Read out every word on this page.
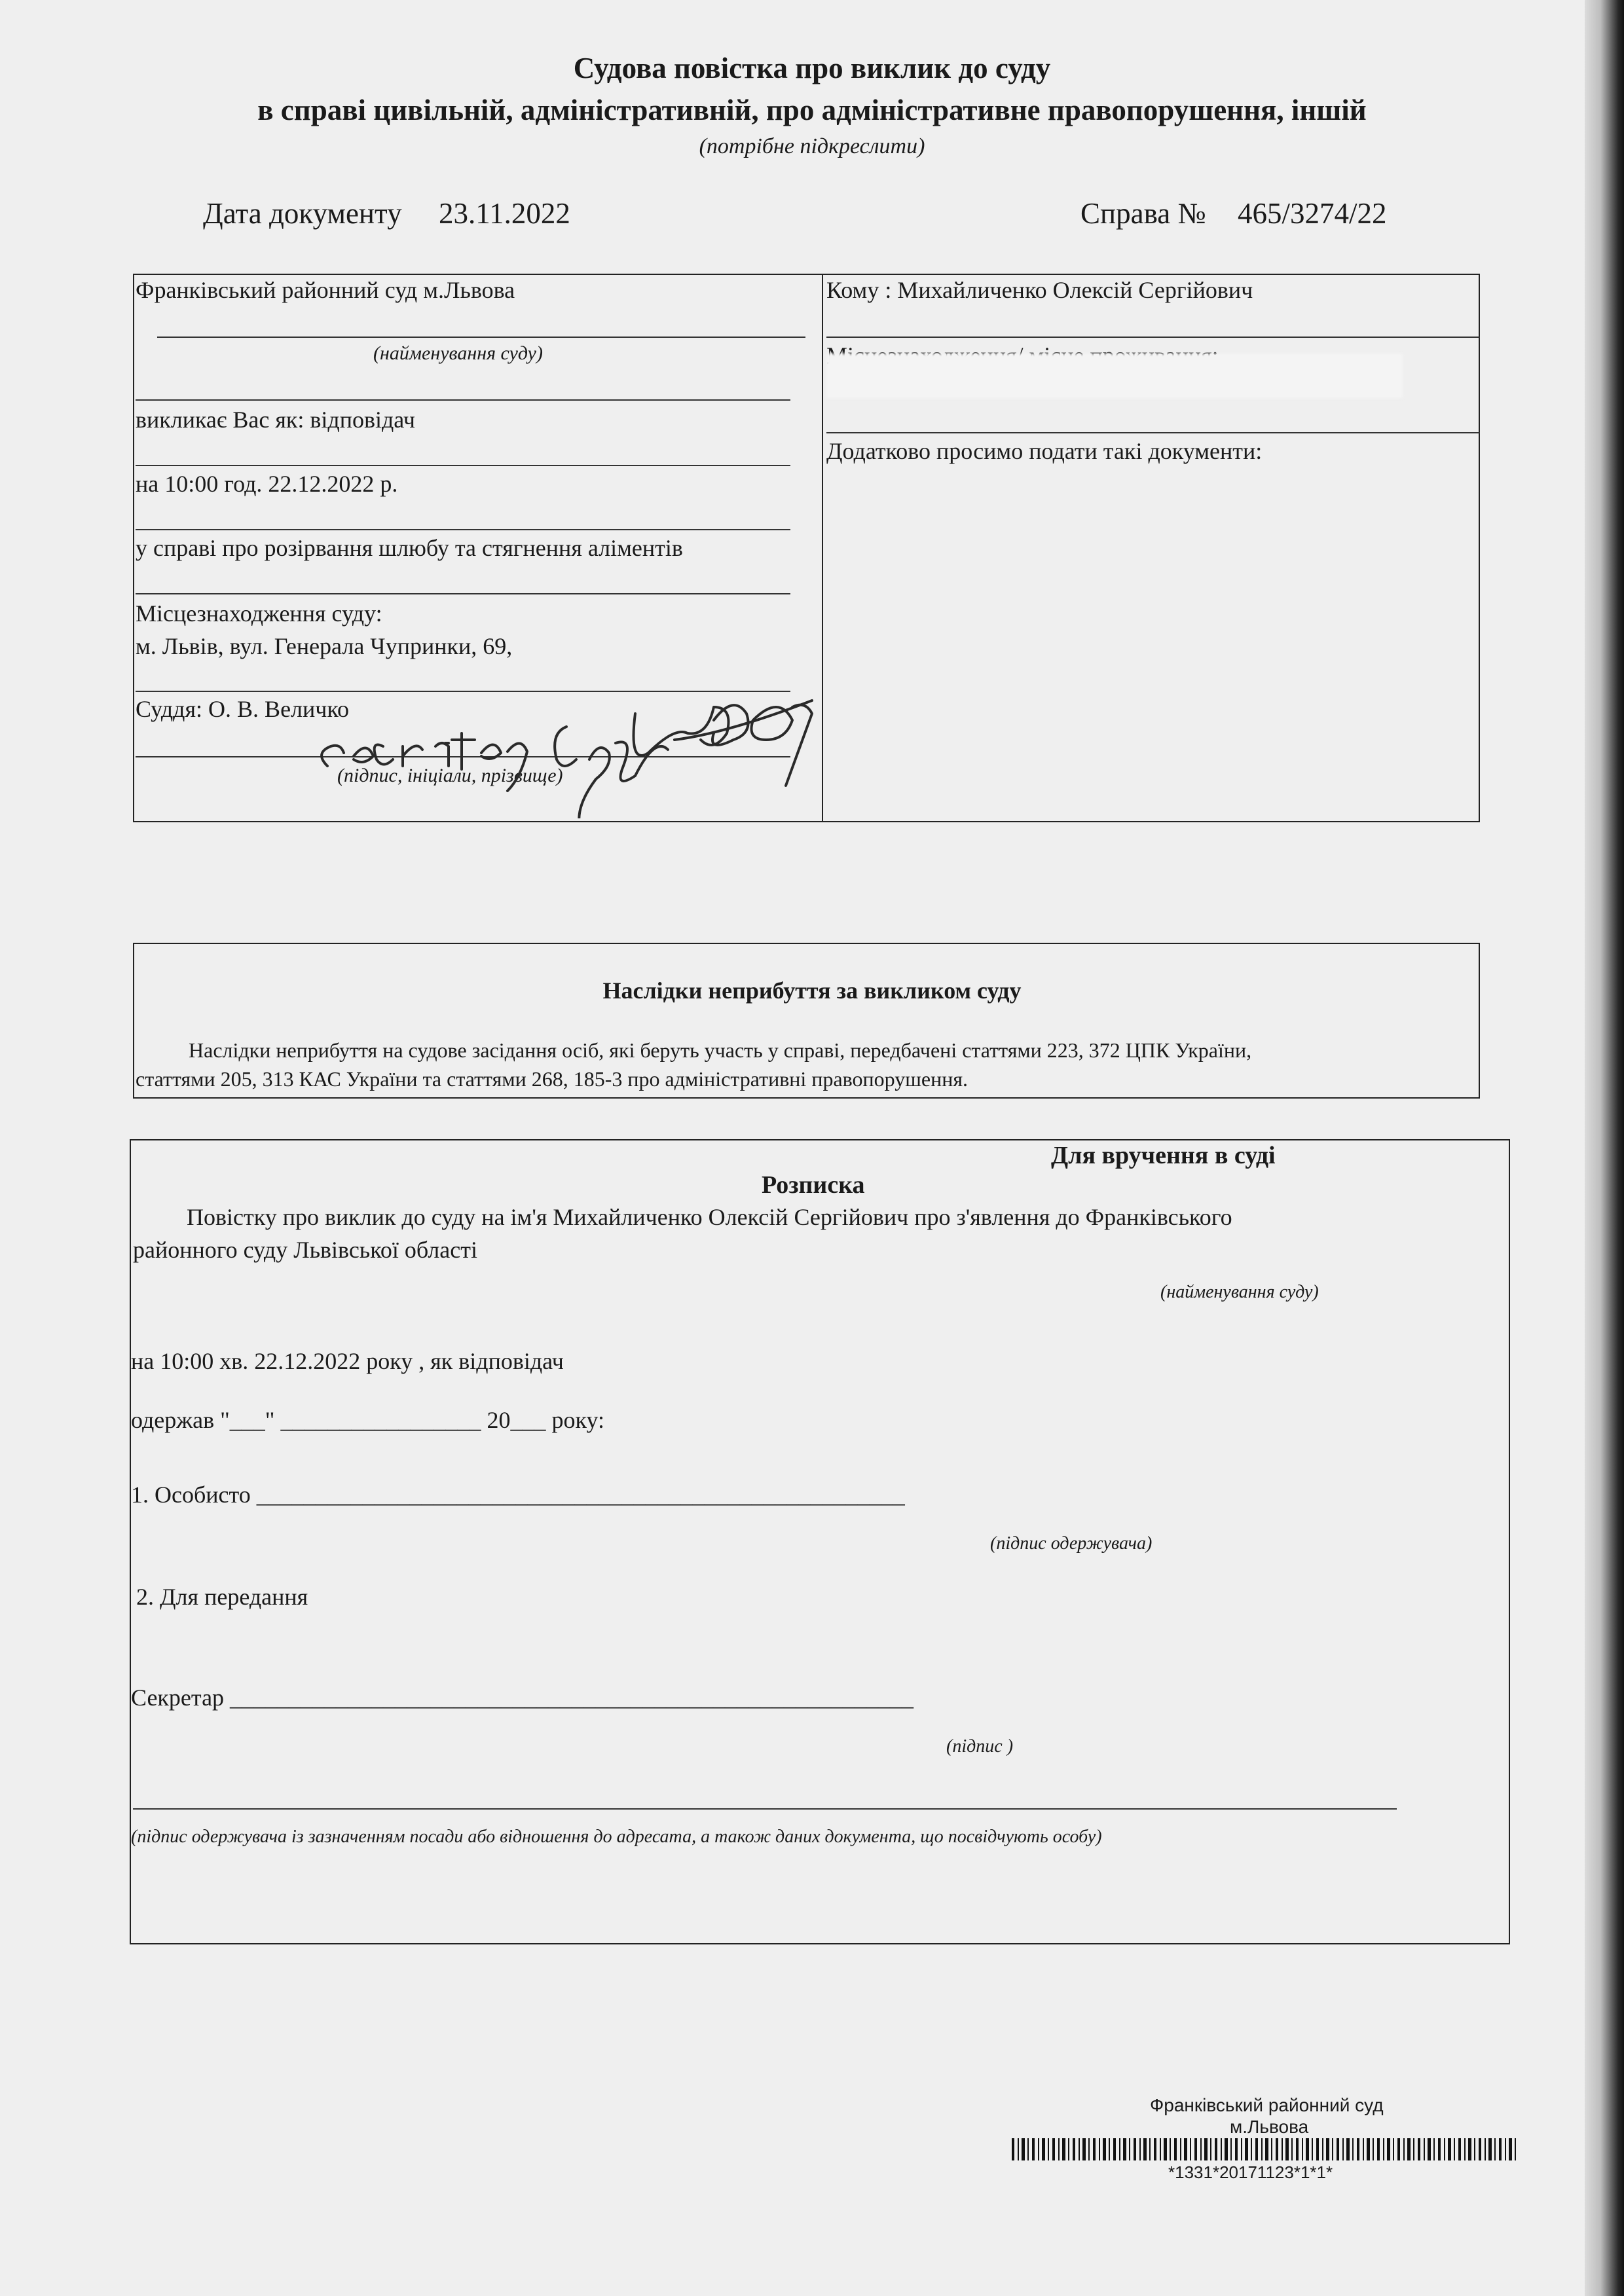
Судова повістка про виклик до суду
в справі цивільній, адміністративній, про адміністративне правопорушення, іншій
(потрібне підкреслити)
Дата документу 23.11.2022	Справа № 465/3274/22
Франківський районний суд м.Львова
(найменування суду)
викликає Вас як: відповідач
на 10:00 год. 22.12.2022 р.
у справі про розірвання шлюбу та стягнення аліментів
Місцезнаходження суду:
м. Львів, вул. Генерала Чупринки, 69,
Суддя: О. В. Величко
(підпис, ініціали, прізвище)
Кому : Михайличенко Олексій Сергійович
Додатково просимо подати такі документи:
Наслідки неприбуття за викликом суду
Наслідки неприбуття на судове засідання осіб, які беруть участь у справі, передбачені статтями 223, 372 ЦПК України,
статтями 205, 313 КАС України та статтями 268, 185-3 про адміністративні правопорушення.
Для вручення в суді
Розписка
Повістку про виклик до суду на ім'я Михайличенко Олексій Сергійович про з'явлення до Франківського
районного суду Львівської області
(найменування суду)
на 10:00 хв. 22.12.2022 року , як відповідач
одержав "___" _________________ 20___ року:
1. Особисто _______________________________________________________
(підпис одержувача)
2. Для передання
Секретар __________________________________________________________
(підпис )
(підпис одержувача із зазначенням посади або відношення до адресата, а також даних документа, що посвідчують особу)
Франківський районний суд
м.Львова
*1331*20171123*1*1*
